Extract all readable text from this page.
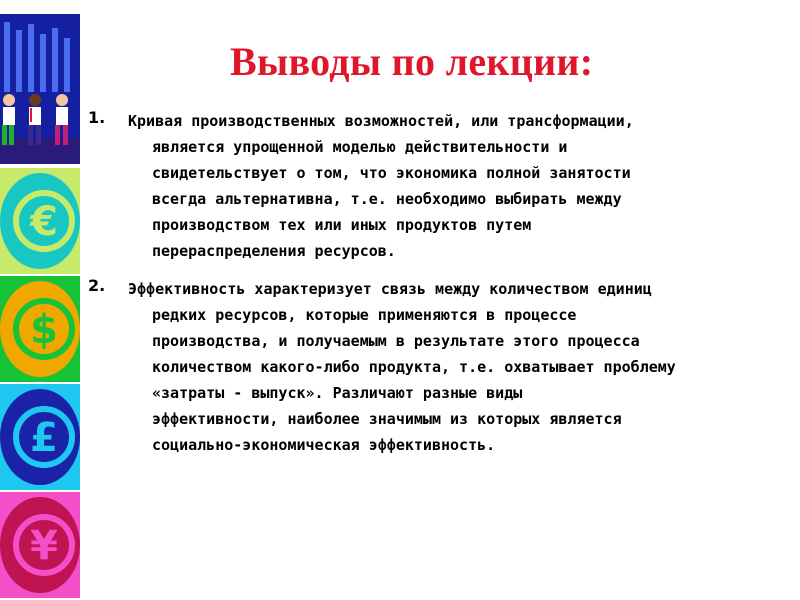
€
$
£
¥
Выводы по лекции:
1. Кривая производственных возможностей, или трансформации,
является упрощенной моделью действительности и
свидетельствует о том, что экономика полной занятости
всегда альтернативна, т.е. необходимо выбирать между
производством тех или иных продуктов путем
перераспределения ресурсов.
2. Эффективность характеризует связь между количеством единиц
редких ресурсов, которые применяются в процессе
производства, и получаемым в результате этого процесса
количеством какого-либо продукта, т.е. охватывает проблему
«затраты - выпуск». Различают разные виды
эффективности, наиболее значимым из которых является
социально-экономическая эффективность.
